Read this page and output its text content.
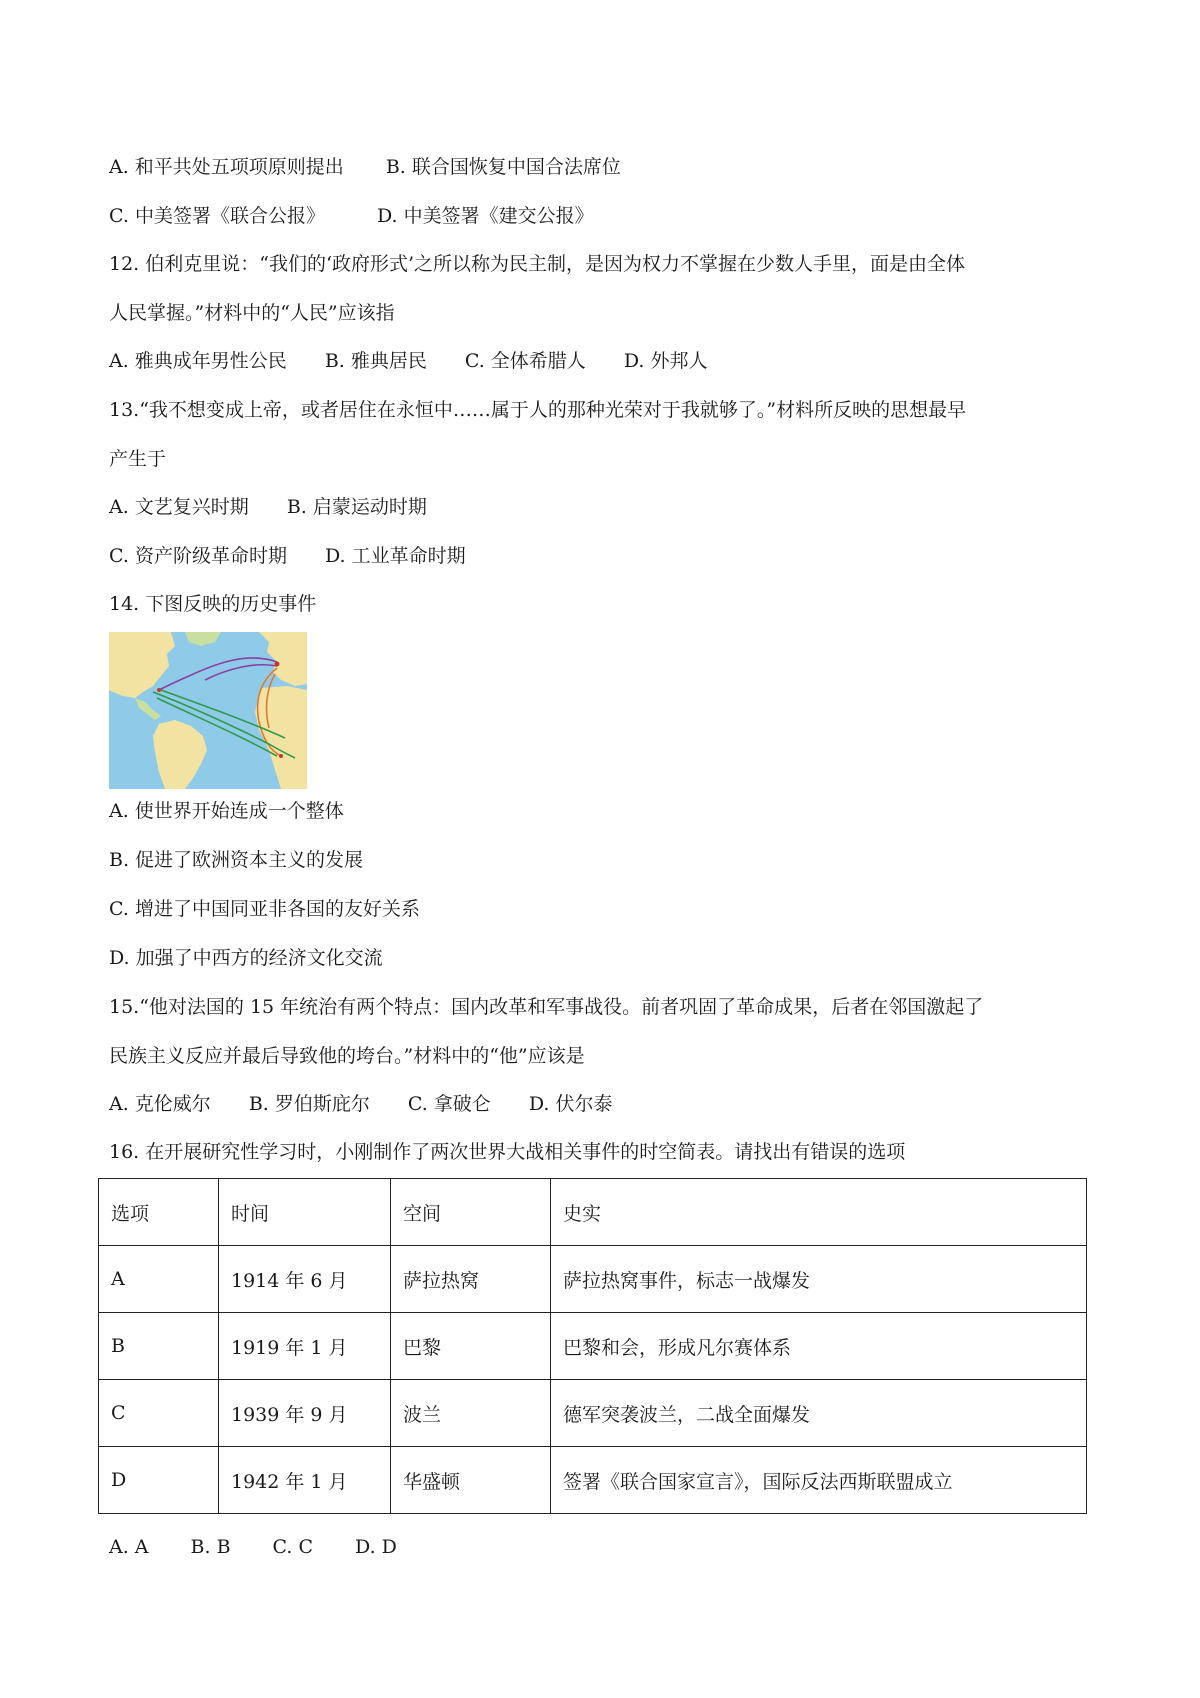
A. 和平共处五项项原则提出 B. 联合国恢复中国合法席位
C. 中美签署《联合公报》	D. 中美签署《建交公报》
12. 伯利克里说：“我们的‘政府形式’之所以称为民主制，是因为权力不掌握在少数人手里，面是由全体
人民掌握。”材料中的“人民”应该指
A. 雅典成年男性公民 B. 雅典居民 C. 全体希腊人 D. 外邦人
13.“我不想变成上帝，或者居住在永恒中……属于人的那种光荣对于我就够了。”材料所反映的思想最早
产生于
A. 文艺复兴时期 B. 启蒙运动时期
C. 资产阶级革命时期 D. 工业革命时期
14. 下图反映的历史事件
A. 使世界开始连成一个整体
B. 促进了欧洲资本主义的发展
C. 增进了中国同亚非各国的友好关系
D. 加强了中西方的经济文化交流
15.“他对法国的 15 年统治有两个特点：国内改革和军事战役。前者巩固了革命成果，后者在邻国激起了
民族主义反应并最后导致他的垮台。”材料中的“他”应该是
A. 克伦威尔 B. 罗伯斯庇尔 C. 拿破仑 D. 伏尔泰
16. 在开展研究性学习时，小刚制作了两次世界大战相关事件的时空简表。请找出有错误的选项
选项	时间	空间	史实
A	1914 年 6 月	萨拉热窝	萨拉热窝事件，标志一战爆发
B	1919 年 1 月	巴黎	巴黎和会，形成凡尔赛体系
C	1939 年 9 月	波兰	德军突袭波兰，二战全面爆发
D	1942 年 1 月	华盛顿	签署《联合国家宣言》，国际反法西斯联盟成立
A. A B. B C. C D. D
